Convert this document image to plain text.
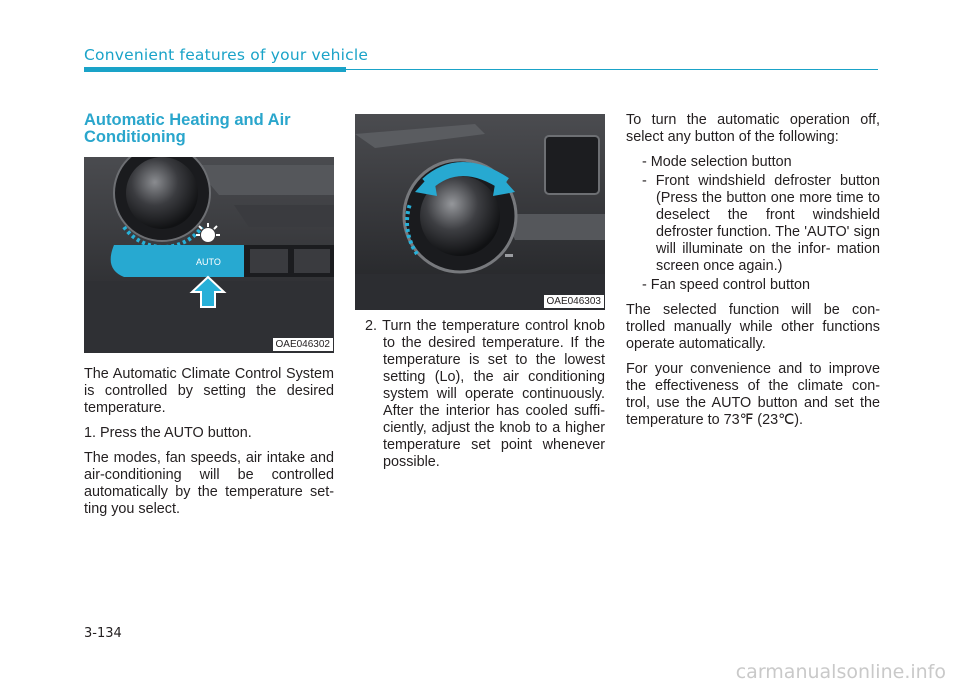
Convenient features of your vehicle
Automatic Heating and Air Conditioning
AUTO
OAE046302

The Automatic Climate Control System is controlled by setting the desired temperature.

1. Press the AUTO button.

The modes, fan speeds, air intake and air-conditioning will be controlled automatically by the temperature set- ting you select.

OAE046303

2. Turn the temperature control knob to the desired temperature. If the temperature is set to the lowest setting (Lo), the air conditioning system will operate continuously. After the interior has cooled suffi- ciently, adjust the knob to a higher temperature set point whenever possible.

To turn the automatic operation off, select any button of the following:

- Mode selection button

- Front windshield defroster button (Press the button one more time to deselect the front windshield defroster function. The 'AUTO' sign will illuminate on the infor- mation screen once again.)

- Fan speed control button

The selected function will be con- trolled manually while other functions operate automatically.

For your convenience and to improve the effectiveness of the climate con- trol, use the AUTO button and set the temperature to 73℉ (23℃).

3-134
carmanualsonline.info
